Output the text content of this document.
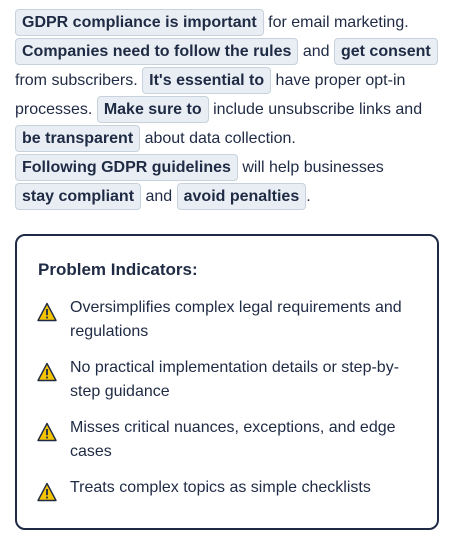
GDPR compliance is important for email marketing. Companies need to follow the rules and get consent from subscribers. It's essential to have proper opt-in processes. Make sure to include unsubscribe links and be transparent about data collection. Following GDPR guidelines will help businesses stay compliant and avoid penalties .
Problem Indicators:
Oversimplifies complex legal requirements and regulations
No practical implementation details or step-by-step guidance
Misses critical nuances, exceptions, and edge cases
Treats complex topics as simple checklists
